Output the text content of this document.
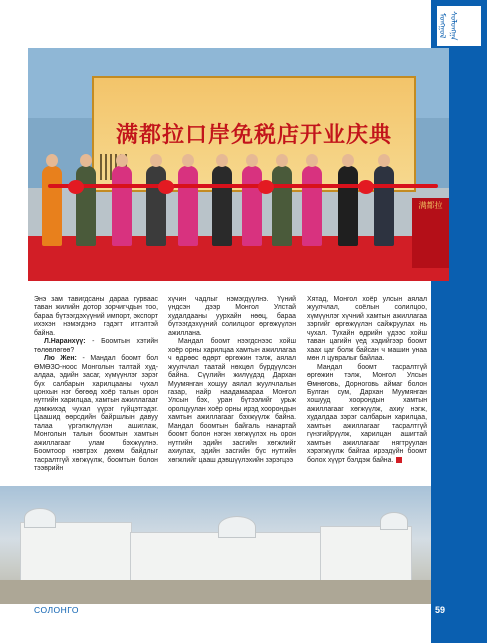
ᠮᠣᠩᠭᠣᠯ ᠰᠣᠯᠣᠩᠭ᠋ᠠ
满都拉口岸免税店开业庆典
满都拉

Энэ зам тавигдсаны дараа гурваас таван жилийн дотор зорчигчдын тоо, бараа бүтээгдэхүүний импорт, экспорт ихэхэн нэмэгдэнэ гэдэгт итгэлтэй байна.

Л.Наранхүү: - Боомтын хэтийн төлөвлөгөө?

Лю Жен: - Мандал боомт бол ӨМӨЗО-ноос Монголын талтай худалдаа, эдийн засаг, хүмүүнлэг зэрэг бүх салбарын харилцааны чухал цонхын нэг бөгөөд хоёр талын орон нутгийн харилцаа, хамтын ажиллагааг дэмжихэд чухал үүрэг гүйцэтгэдэг. Цаашид өөрсдийн байршлын давуу талаа үргэлжлүүлэн ашиглаж, Монголын талын боомтын хамтын ажиллагааг улам бэхжүүлнэ. Боомтоор нэвтрэх дөхөм байдлыг тасралтгүй хөгжүүлж, боомтын болон тээврийн

хүчин чадлыг нэмэгдүүлнэ. Үүний үндсэн дээр Монгол Улстай худалдааны уурхайн нөөц, бараа бүтээгдэхүүний солилцоог өргөжүүлэн ажиллана.

Мандал боомт нээгдснээс хойш хоёр орны харилцаа хамтын ажиллагаа ч өдрөөс өдөрт өргөжин тэлж, аялал жуулчлал таатай нөхцөл бүрдүүлсэн байна. Сүүлийн жилүүдэд Дархан Муумянган хошуу аялал жуулчлалын газар, найр наадамаараа Монгол Улсын бэх, уран бүтээлийг урьж оролцуулан хоёр орны ирэд хоорондын хамтын ажиллагааг бэхжүүлж байна. Мандал боомтын байгаль нанартай боомт болон нэгэн хөгжүүлэх нь орон нутгийн эдийн засгийн хөгжлийг ахиулах, эдийн засгийн бүс нутгийн хөгжлийг цааш дэвшүүлэхийн зэрэгцээ

Хятад, Монгол хоёр улсын аялал жуулчлал, соёлын солилцоо, хүмүүнлэг хүчний хамтын ажиллагаа зэргийг өргөжүүлэн сайжруулах нь чухал. Тухайн өдрийн үдээс хойш таван цагийн үед хэдийгээр боомт хаах цаг болж байсан ч машин унаа мөн л цувралыг байлаа.

Мандал боомт тасралтгүй өргөжин тэлж, Монгол Улсын Өмнөговь, Дорноговь аймаг болон Булган сум, Дархан Муумянган хошууд хоорондын хамтын ажиллагааг хөгжүүлж, ахиу нэгж, худалдаа зэрэг салбарын харилцаа, хамтын ажиллагааг тасралтгүй гүнзгийрүүлж, харилцан ашигтай хамтын ажиллагааг нягтруулан хэрэгжүүлж байгаа ирээдүйн боомт болох хүүрт бэлдэж байна.

СОЛОНГО	59
